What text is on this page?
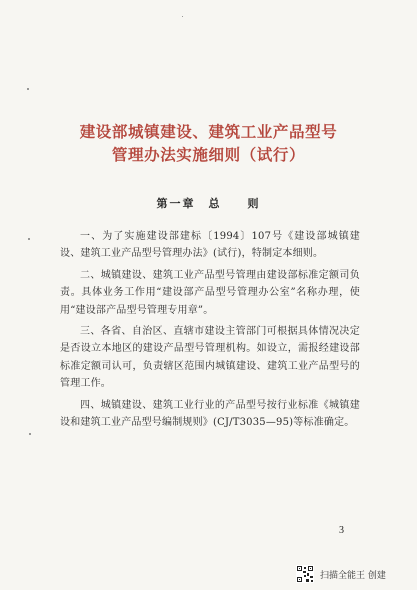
建设部城镇建设、建筑工业产品型号
管理办法实施细则（试行）
第一章　总　　则

一、为了实施建设部建标〔1994〕107号《建设部城镇建设、建筑工业产品型号管理办法》(试行)，特制定本细则。

二、城镇建设、建筑工业产品型号管理由建设部标准定额司负责。具体业务工作用“建设部产品型号管理办公室”名称办理，使用“建设部产品型号管理专用章”。

三、各省、自治区、直辖市建设主管部门可根据具体情况决定是否设立本地区的建设产品型号管理机构。如设立，需报经建设部标准定额司认可，负责辖区范围内城镇建设、建筑工业产品型号的管理工作。

四、城镇建设、建筑工业行业的产品型号按行业标准《城镇建设和建筑工业产品型号编制规则》(CJ/T3035—95)等标准确定。

3
扫描全能王 创建
